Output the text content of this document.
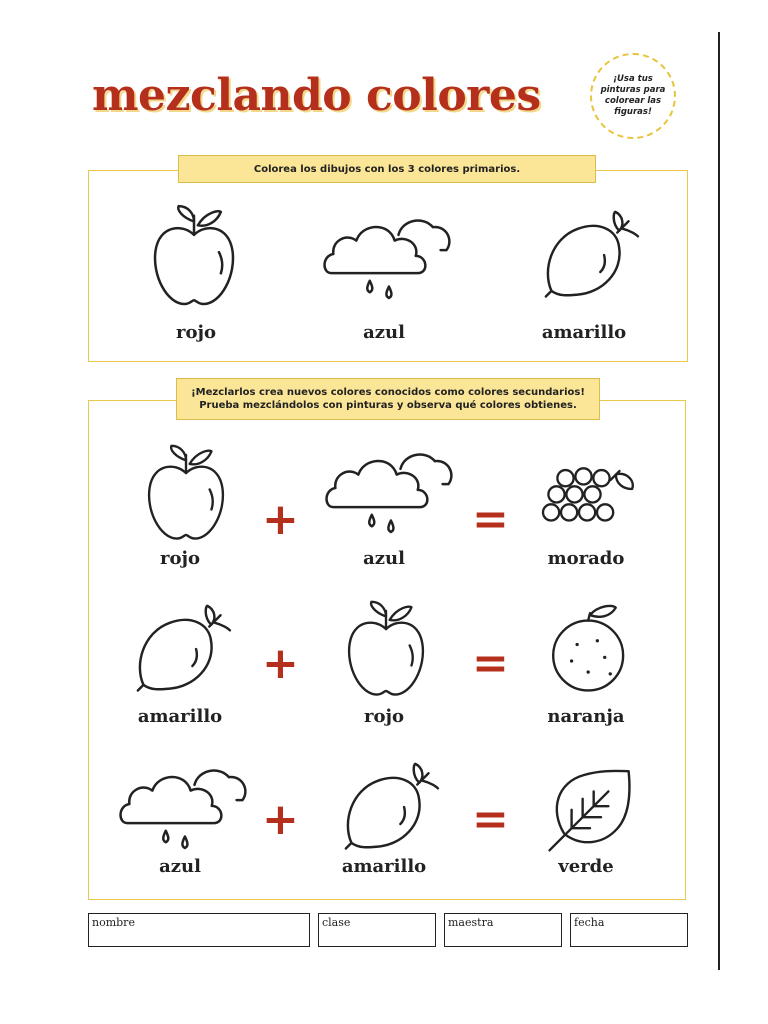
mezclando colores	¡Usa tus pinturas para colorear las figuras!
Colorea los dibujos con los 3 colores primarios.
rojo	azul	amarillo
¡Mezclarlos crea nuevos colores conocidos como colores secundarios!
Prueba mezclándolos con pinturas y observa qué colores obtienes.
+	=
rojo	azul	morado
+	=
amarillo	rojo	naranja
+	=
azul	amarillo	verde
nombre	clase	maestra	fecha
